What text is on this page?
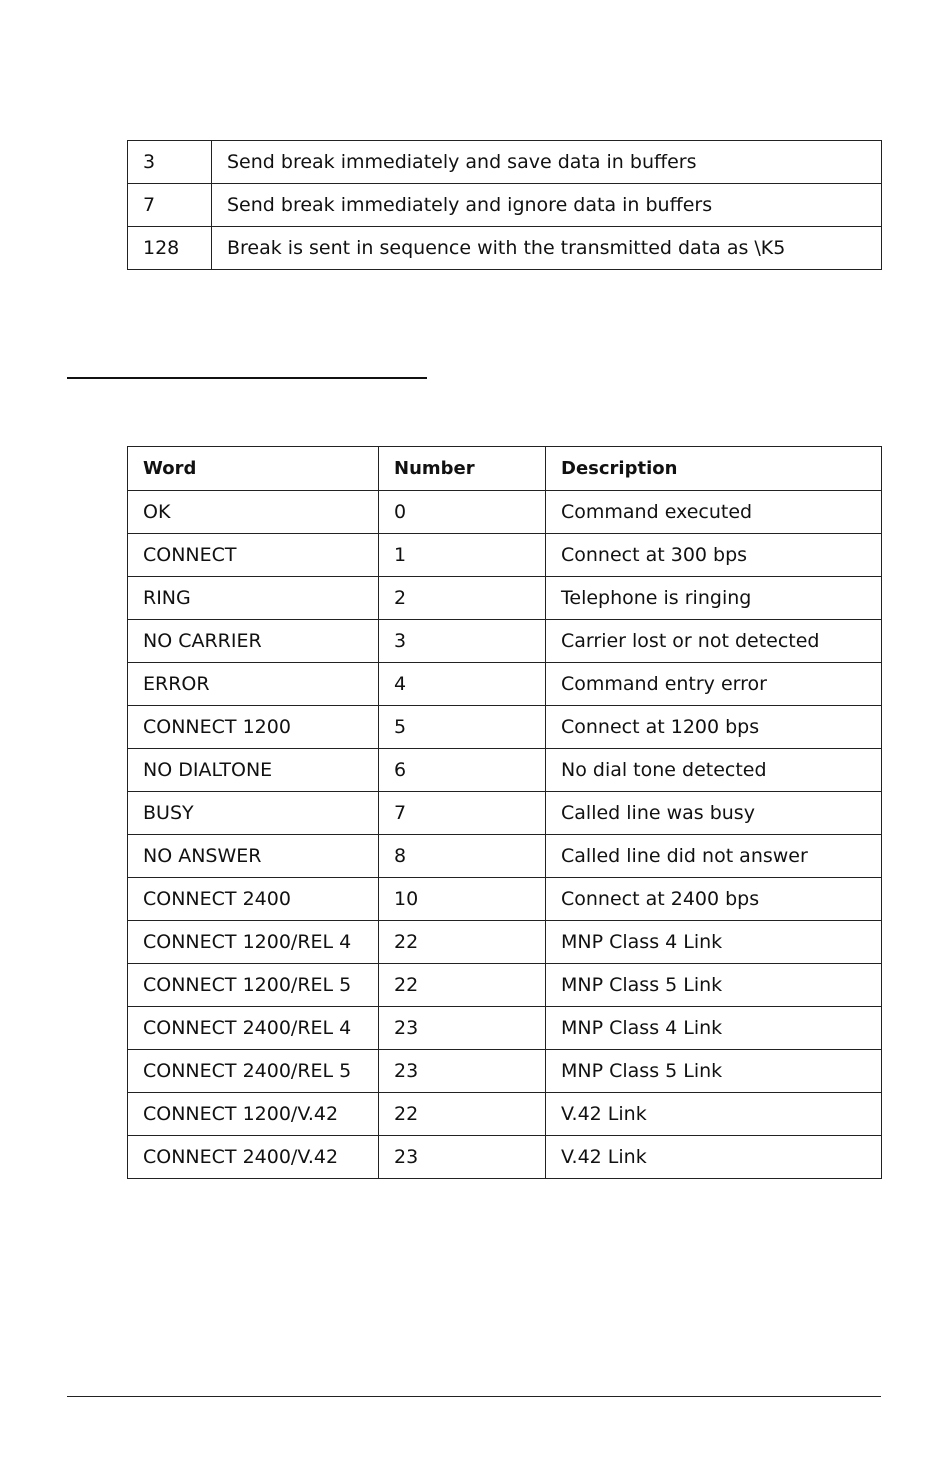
3	Send break immediately and save data in buffers
7	Send break immediately and ignore data in buffers
128	Break is sent in sequence with the transmitted data as \K5
Word	Number	Description
OK	0	Command executed
CONNECT	1	Connect at 300 bps
RING	2	Telephone is ringing
NO CARRIER	3	Carrier lost or not detected
ERROR	4	Command entry error
CONNECT 1200	5	Connect at 1200 bps
NO DIALTONE	6	No dial tone detected
BUSY	7	Called line was busy
NO ANSWER	8	Called line did not answer
CONNECT 2400	10	Connect at 2400 bps
CONNECT 1200/REL 4	22	MNP Class 4 Link
CONNECT 1200/REL 5	22	MNP Class 5 Link
CONNECT 2400/REL 4	23	MNP Class 4 Link
CONNECT 2400/REL 5	23	MNP Class 5 Link
CONNECT 1200/V.42	22	V.42 Link
CONNECT 2400/V.42	23	V.42 Link
